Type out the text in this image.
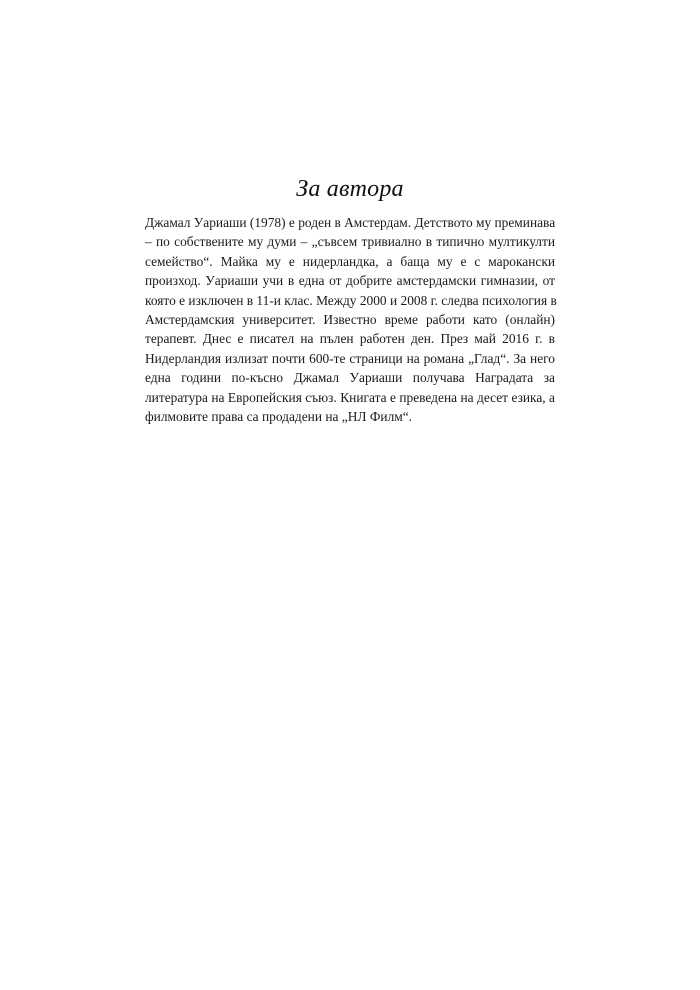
За автора
Джамал Уариаши (1978) е роден в Амстердам. Детството му преминава
– по собствените му думи – „съвсем тривиално в типично мултикулти
семейство“. Майка му е нидерландка, а баща му е с марокански
произход. Уариаши учи в една от добрите амстердамски гимназии, от
която е изключен в 11-и клас. Между 2000 и 2008 г. следва психология в
Амстердамския университет. Известно време работи като (онлайн)
терапевт. Днес е писател на пълен работен ден. През май 2016 г. в
Нидерландия излизат почти 600-те страници на романа „Глад“. За него
една години по-късно Джамал Уариаши получава Наградата за
литература на Европейския съюз. Книгата е преведена на десет езика, а
филмовите права са продадени на „НЛ Филм“.
